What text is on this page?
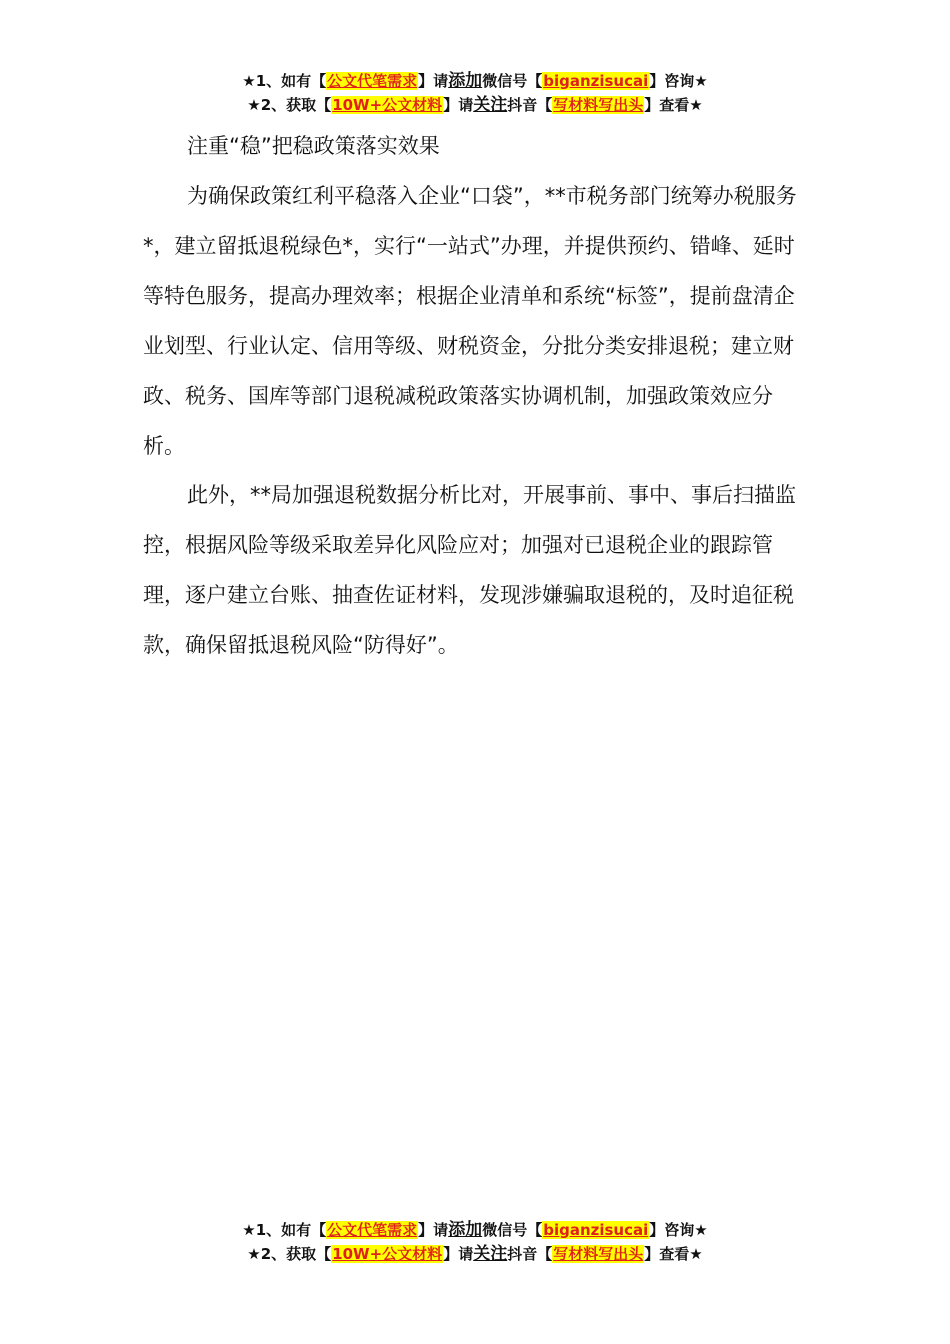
★1、如有【公文代笔需求】请添加微信号【biganzisucai】咨询★
★2、获取【10W+公文材料】请关注抖音【写材料写出头】查看★
注重“稳”把稳政策落实效果

为确保政策红利平稳落入企业“口袋”，**市税务部门统筹办税服务*，建立留抵退税绿色*，实行“一站式”办理，并提供预约、错峰、延时等特色服务，提高办理效率；根据企业清单和系统“标签”，提前盘清企业划型、行业认定、信用等级、财税资金，分批分类安排退税；建立财政、税务、国库等部门退税减税政策落实协调机制，加强政策效应分析。

此外，**局加强退税数据分析比对，开展事前、事中、事后扫描监控，根据风险等级采取差异化风险应对；加强对已退税企业的跟踪管理，逐户建立台账、抽查佐证材料，发现涉嫌骗取退税的，及时追征税款，确保留抵退税风险“防得好”。

★1、如有【公文代笔需求】请添加微信号【biganzisucai】咨询★
★2、获取【10W+公文材料】请关注抖音【写材料写出头】查看★
